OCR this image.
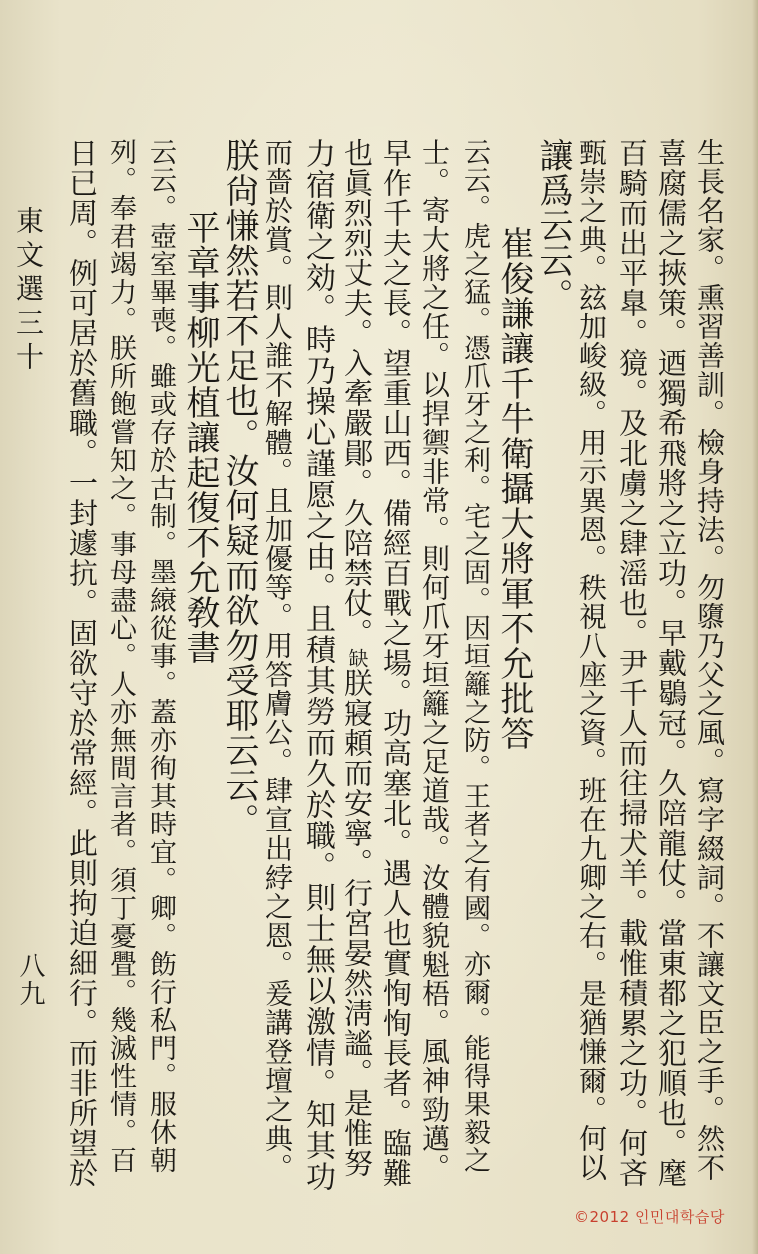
生長名家。熏習善訓。檢身持法。勿隳乃父之風。寫字綴詞。不讓文臣之手。然不
喜腐儒之挾策。迺獨希飛將之立功。早戴鶡冠。久陪龍仗。當東都之犯順也。麾
百騎而出平臯。獍。及北虜之肆滛也。尹千人而往掃犬羊。載惟積累之功。何吝
甄崇之典。玆加峻級。用示異恩。秩視八座之資。班在九卿之右。是猶慊爾。何以
讓爲云云。
崔俊謙讓千牛衛攝大將軍不允批答
云云。虎之猛。憑爪牙之利。宅之固。因垣籬之防。王者之有國。亦爾。能得果毅之
士。寄大將之任。以捍禦非常。則何爪牙垣籬之足道哉。汝體貌魁梧。風神勁邁。
早作千夫之長。望重山西。備經百戰之場。功高塞北。遇人也實恂恂長者。臨難
也眞烈烈丈夫。入牽嚴鄖。久陪禁仗。缺朕寢頼而安寧。行宮晏然淸謐。是惟努
力宿衛之効。時乃操心謹愿之由。且積其勞而久於職。則士無以激情。知其功
而嗇於賞。則人誰不解體。且加優等。用答膚公。肆宣出綍之恩。爰講登壇之典。
朕尙慊然若不足也。汝何疑而欲勿受耶云云。
平章事柳光植讓起復不允敎書
東文選三十
八九
©2012 인민대학습당
云云。壺室畢喪。雖或存於古制。墨縗從事。蓋亦徇其時宜。卿。飭行私門。服休朝
列。奉君竭力。朕所飽嘗知之。事母盡心。人亦無間言者。須丁憂舋。幾滅性情。百
日已周。例可居於舊職。一封遽抗。固欲守於常經。此則拘迫細行。而非所望於
